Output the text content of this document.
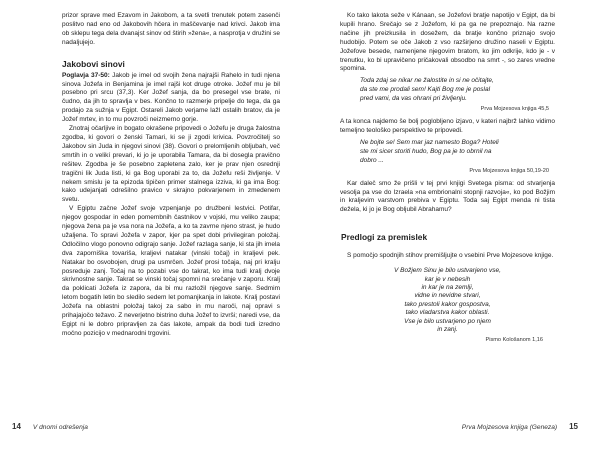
prizor sprave med Ezavom in Jakobom, a ta svetli trenutek potem zasenči poslitvo nad eno od Jakobovih hčera in maščevanje nad krivci. Jakob ima ob sklepu tega dela dvanajst sinov od štirih »žena«, a nasprotja v družini se nadaljujejo.

Jakobovi sinovi

Poglavja 37-50: Jakob je imel od svojih žena najrajši Rahelo in tudi njena sinova Jožefa in Benjamina je imel rajši kot druge otroke. Jožef mu je bil posebno pri srcu (37,3). Ker Jožef sanja, da bo presegel vse brate, ni čudno, da jih to spravlja v bes. Končno to razmerje pripelje do tega, da ga prodajo za sužnja v Egipt. Ostareli Jakob verjame lažI ostalih bratov, da je Jožef mrtev, in to mu povzroči neizmerno gorje.

Znotraj očarljive in bogato okrašene pripovedi o Jožefu je druga žalostna zgodba, ki govori o ženski Tamari, ki se ji zgodi krivica. Povzročitelj so Jakobov sin Juda in njegovi sinovi (38). Govori o prelomljenih obljubah, več smrtih in o velikí prevari, ki jo je uporabila Tamara, da bi dosegla pravično rešitev. Zgodba je še posebno zapletena zalo, ker je prav njen osrednji tragični lik Juda listi, ki ga Bog uporabi za to, da Jožefu reši življenje. V nekem smislu je ta epizoda tipičen primer stalnega izziva, ki ga ima Bog: kako udejanjati odrešilno pravico v skrajno pokvarjenem in zmedenem svetu.

V Egiptu začne Jožef svoje vzpenjanje po družbeni lestvici. Potifar, njegov gospodar in eden pomembnih častnikov v vojski, mu veliko zaupa; njegova žena pa je vsa nora na Jožefa, a ko ta zavrne njeno strast, je hudo užaljena. To spravi Jožefa v zapor, kjer pa spet dobi privilegiran položaj. Odločilno vlogo ponovno odigrajo sanje. Jožef razlaga sanje, ki sta jih imela dva zaporniška tovariša, kraljevi natakar (vinski točaj) in kraljevi pek. Natakar bo osvobojen, drugi pa usmrčen. Jožef prosi točaja, naj pri kralju posreduje zanj. Točaj na to pozabi vse do takrat, ko ima tudi kralj dvoje skrivnostne sanje. Takrat se vinski točaj spomni na srečanje v zaporu. Kralj da poklicati Jožefa iz zapora, da bi mu razložil njegove sanje. Sedmim letom bogatih letin bo sledilo sedem let pomanjkanja in lakote. Kralj postavi Jožefa na oblastni položaj takoj za sabo in mu naroči, naj opravi s prihajajočo težavo. Z neverjetno bistrino duha Jožef to izvrši; naredi vse, da Egipt ni le dobro pripravljen za čas lakote, ampak da bodi tudi izredno močno pozicijo v mednarodni trgovini.

Ko tako lakota seže v Kánaan, se Jožefovi bratje napotijo v Egipt, da bi kupili hrano. Srečajo se z Jožefom, ki pa ga ne prepoznajo. Na razne načine jih preizkusila in dosežem, da bratje končno priznajo svojo hudobijo. Potem se oče Jakob z vso razširjeno družino naseli v Egiptu. Jožefove besede, namenjene njegovim bratom, ko jim odkrije, kdo je - v trenutku, ko bi upravičeno pričakovali obsodbo na smrt -, so zares vredne spomina.

Toda zdaj se nikar ne žalostite in si ne očitajte,

da ste me prodali sem! Kajti Bog me je poslal

pred vami, da vas ohrani pri življenju.

Prva Mojzesova knjiga 45,5

A ta konca najdemo še bolj poglobljeno izjavo, v kateri najbrž lahko vidimo temeljno teološko perspektivo te pripovedi.

Ne bojte se! Sem mar jaz namesto Boga? Hoteli

ste mi sicer storiti hudo, Bog pa je to obrnil na

dobro ...

Prva Mojzesova knjiga 50,19-20

Kar daleč smo že prišli v tej prvi knjigi Svetega pisma: od stvarjenja vesolja pa vse do Izraela »na embrionalni stopnji razvoja«, ko pod Božjim in kraljevim varstvom prebiva v Egiptu. Toda saj Egipt menda ni tista dežela, ki jo je Bog obljubil Abrahamu?

Predlogi za premislek

S pomočjo spodnjih stihov premišljujte o vsebini Prve Mojzesove knjige.

V Božjem Sinu je bilo ustvarjeno vse,
kar je v nebesih
in kar je na zemlji,
vidne in nevidne stvari,
tako prestoli kakor gospostva,
tako vladarstva kakor oblasti.
Vse je bilo ustvarjeno po njem
in zanj.
Pismo Kološanom 1,16
14 V dnomi odrešenja	Prva Mojzesova knjiga (Geneza) 15
